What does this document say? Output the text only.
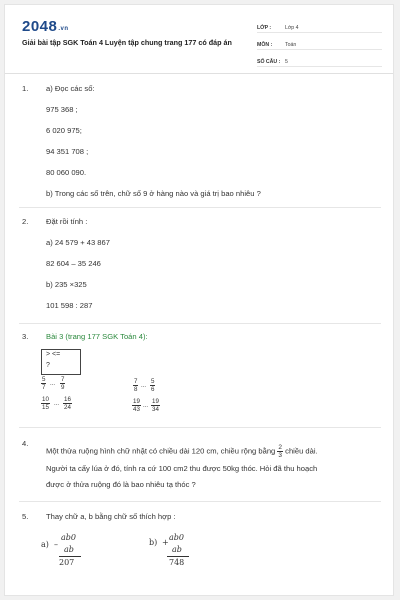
2048.vn
Giải bài tập SGK Toán 4 Luyện tập chung trang 177 có đáp án
LỚP :	Lớp 4
MÔN :	Toán
SỐ CÂU : 5
1. a) Đọc các số:
975 368 ;
6 020 975;
94 351 708 ;
80 060 090.
b) Trong các số trên, chữ số 9 ở hàng nào và giá trị bao nhiêu ?
2. Đặt rồi tính :
a) 24 579 + 43 867
82 604 – 35 246
b) 235 ×325
101 598 : 287
3. Bài 3 (trang 177 SGK Toán 4):
> <=
?
$\frac{5}{7}$ ... $\frac{7}{9}$
$\frac{10}{15}$ ... $\frac{16}{24}$
$\frac{7}{8}$ ... $\frac{5}{6}$
$\frac{19}{43}$ ... $\frac{19}{34}$
4.
Một thửa ruộng hình chữ nhật có chiều dài 120 cm, chiều rộng bằng $\frac{2}{3}$ chiều dài.
Người ta cấy lúa ở đó, tính ra cứ 100 cm2 thu được 50kg thóc. Hỏi đã thu hoạch
được ở thửa ruộng đó là bao nhiêu tạ thóc ?
5. Thay chữ a, b bằng chữ số thích hợp :
a) –
ab0
ab
207
b) +
ab0
ab
748
